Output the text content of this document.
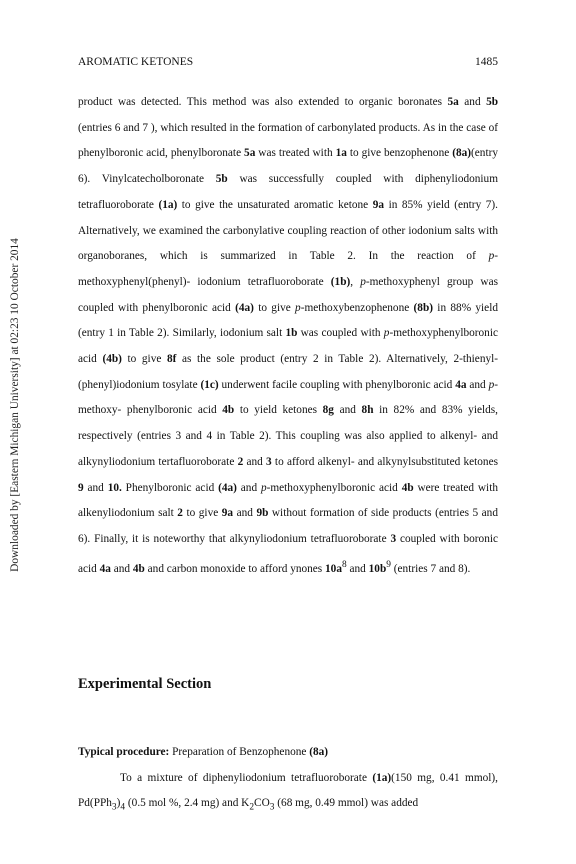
AROMATIC KETONES	1485
Downloaded by [Eastern Michigan University] at 02:23 10 October 2014

product was detected. This method was also extended to organic boronates 5a and 5b (entries 6 and 7 ), which resulted in the formation of carbonylated products. As in the case of phenylboronic acid, phenylboronate 5a was treated with 1a to give benzophenone (8a)(entry 6). Vinylcatecholboronate 5b was successfully coupled with diphenyliodonium tetrafluoroborate (1a) to give the unsaturated aromatic ketone 9a in 85% yield (entry 7). Alternatively, we examined the carbonylative coupling reaction of other iodonium salts with organoboranes, which is summarized in Table 2. In the reaction of p-methoxyphenyl(phenyl)- iodonium tetrafluoroborate (1b), p-methoxyphenyl group was coupled with phenylboronic acid (4a) to give p-methoxybenzophenone (8b) in 88% yield (entry 1 in Table 2). Similarly, iodonium salt 1b was coupled with p-methoxyphenylboronic acid (4b) to give 8f as the sole product (entry 2 in Table 2). Alternatively, 2-thienyl-(phenyl)iodonium tosylate (1c) underwent facile coupling with phenylboronic acid 4a and p-methoxy- phenylboronic acid 4b to yield ketones 8g and 8h in 82% and 83% yields, respectively (entries 3 and 4 in Table 2). This coupling was also applied to alkenyl- and alkynyliodonium tertafluoroborate 2 and 3 to afford alkenyl- and alkynylsubstituted ketones 9 and 10. Phenylboronic acid (4a) and p-methoxyphenylboronic acid 4b were treated with alkenyliodonium salt 2 to give 9a and 9b without formation of side products (entries 5 and 6). Finally, it is noteworthy that alkynyliodonium tetrafluoroborate 3 coupled with boronic acid 4a and 4b and carbon monoxide to afford ynones $10a^8$ and $10b^9$ (entries 7 and 8).

Experimental Section

Typical procedure: Preparation of Benzophenone (8a)

To a mixture of diphenyliodonium tetrafluoroborate (1a)(150 mg, 0.41 mmol), $Pd(PPh_3)_4$ (0.5 mol %, 2.4 mg) and $K_2CO_3$ (68 mg, 0.49 mmol) was added
